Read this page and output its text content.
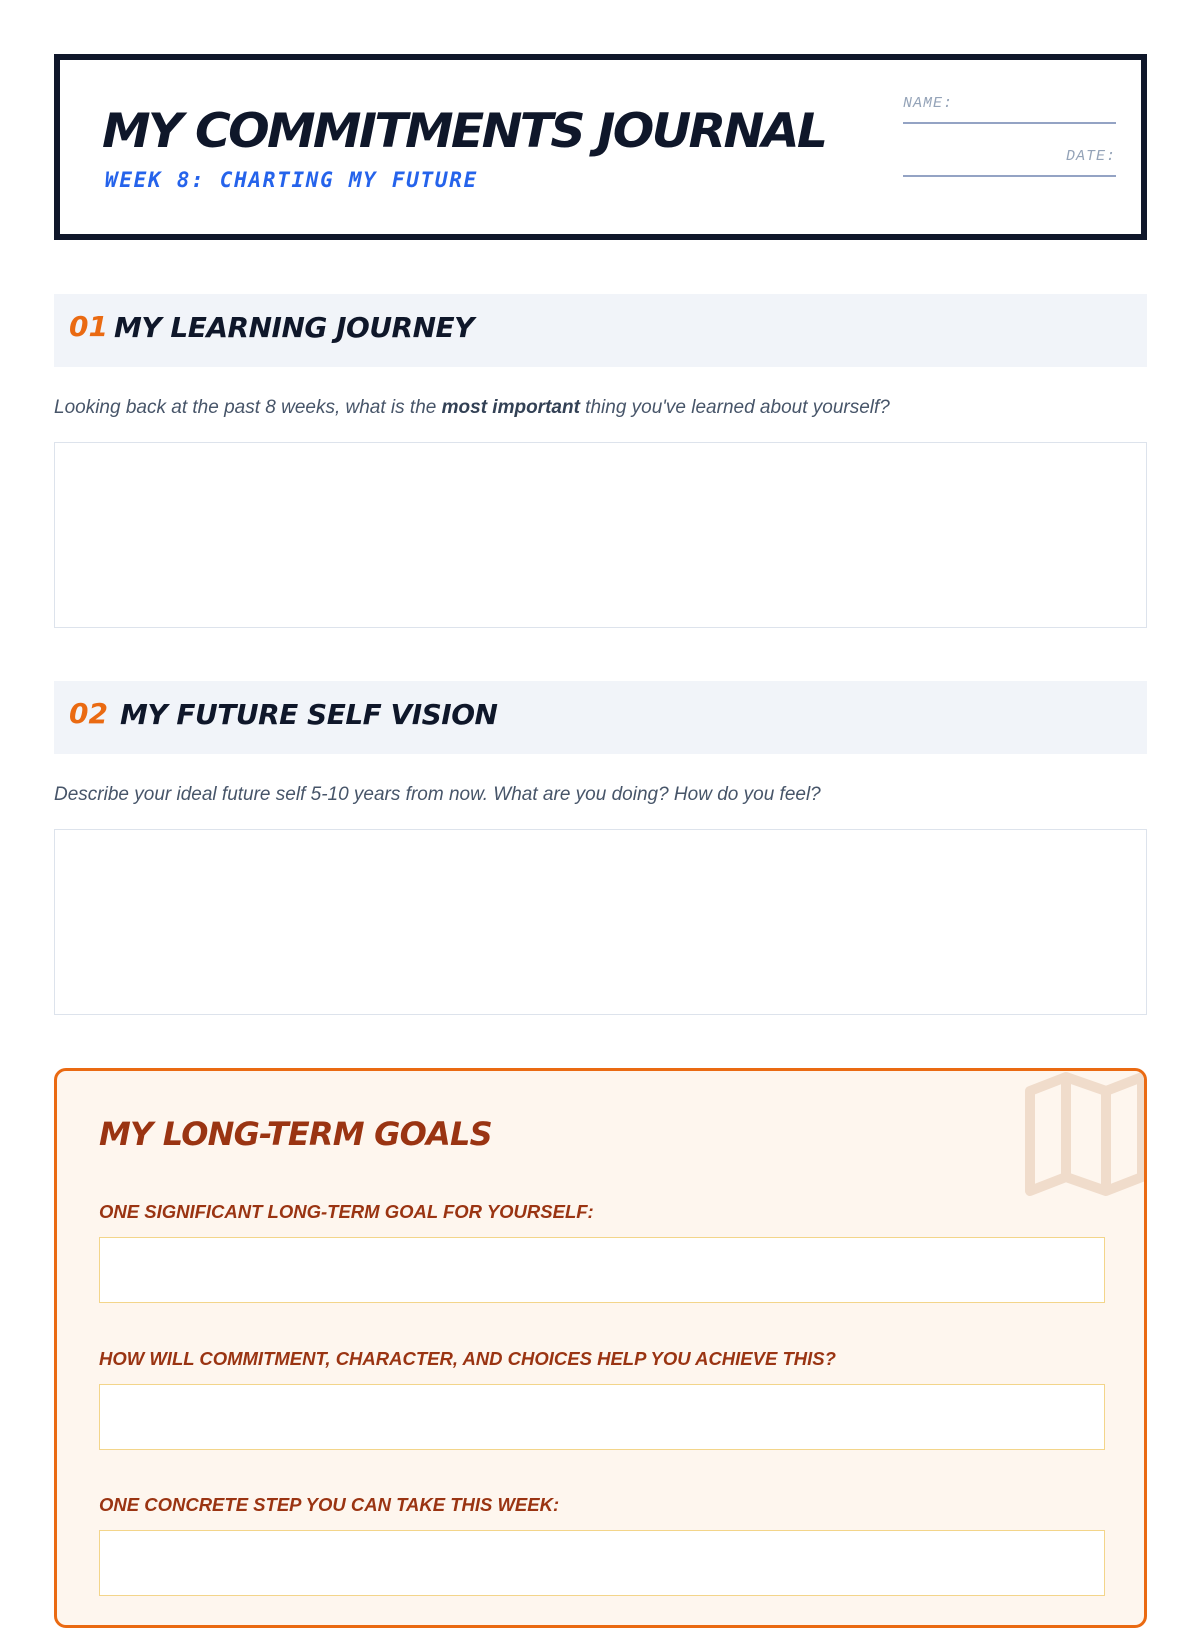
MY COMMITMENTS JOURNAL
WEEK 8: CHARTING MY FUTURE
NAME:
DATE:
01 MY LEARNING JOURNEY
Looking back at the past 8 weeks, what is the most important thing you've learned about yourself?
02 MY FUTURE SELF VISION
Describe your ideal future self 5-10 years from now. What are you doing? How do you feel?
MY LONG-TERM GOALS
ONE SIGNIFICANT LONG-TERM GOAL FOR YOURSELF:
HOW WILL COMMITMENT, CHARACTER, AND CHOICES HELP YOU ACHIEVE THIS?
ONE CONCRETE STEP YOU CAN TAKE THIS WEEK:
